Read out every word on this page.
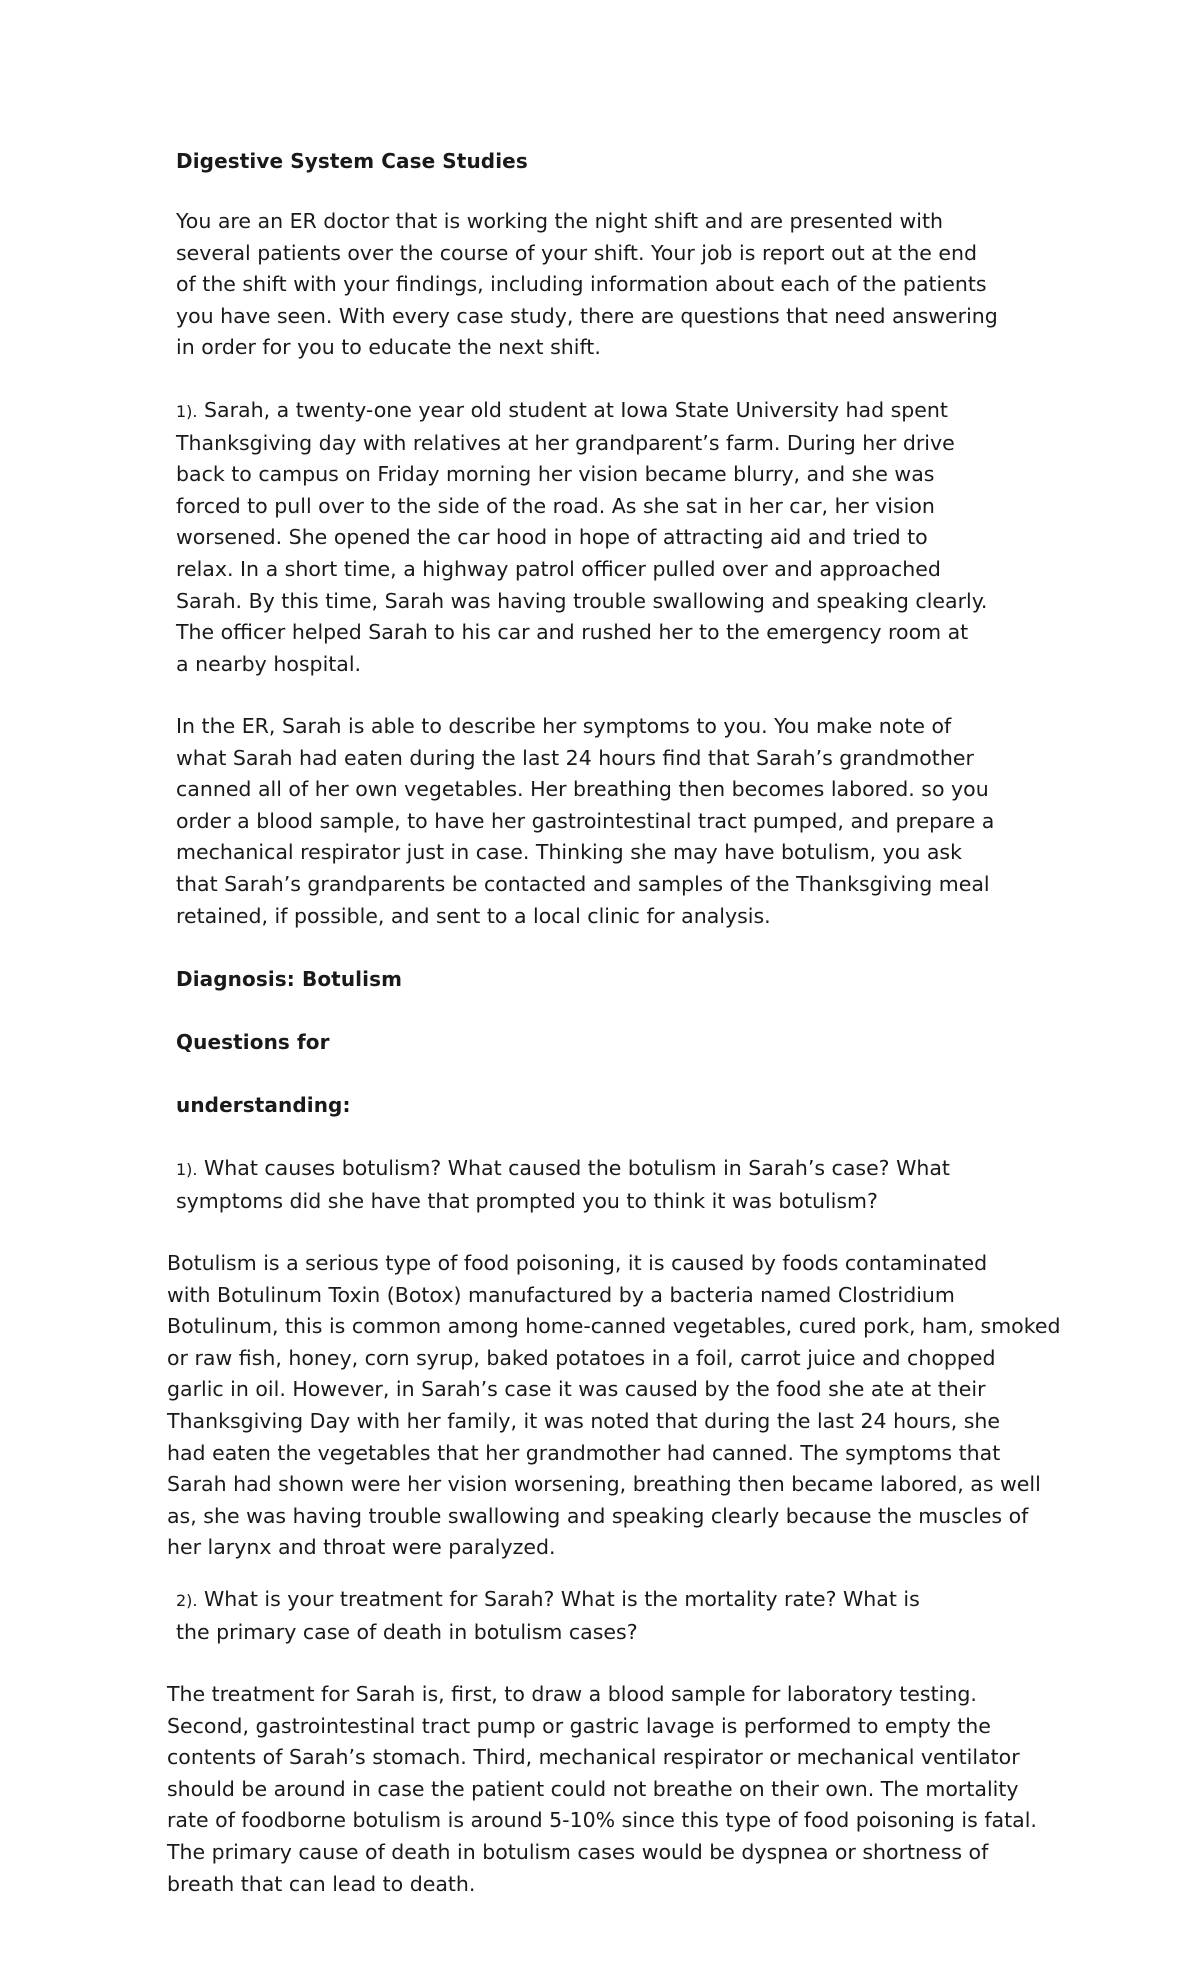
Digestive System Case Studies
You are an ER doctor that is working the night shift and are presented with
several patients over the course of your shift. Your job is report out at the end
of the shift with your findings, including information about each of the patients
you have seen. With every case study, there are questions that need answering
in order for you to educate the next shift.
1). Sarah, a twenty-one year old student at Iowa State University had spent
Thanksgiving day with relatives at her grandparent’s farm. During her drive
back to campus on Friday morning her vision became blurry, and she was
forced to pull over to the side of the road. As she sat in her car, her vision
worsened. She opened the car hood in hope of attracting aid and tried to
relax. In a short time, a highway patrol officer pulled over and approached
Sarah. By this time, Sarah was having trouble swallowing and speaking clearly.
The officer helped Sarah to his car and rushed her to the emergency room at
a nearby hospital.
In the ER, Sarah is able to describe her symptoms to you. You make note of
what Sarah had eaten during the last 24 hours find that Sarah’s grandmother
canned all of her own vegetables. Her breathing then becomes labored. so you
order a blood sample, to have her gastrointestinal tract pumped, and prepare a
mechanical respirator just in case. Thinking she may have botulism, you ask
that Sarah’s grandparents be contacted and samples of the Thanksgiving meal
retained, if possible, and sent to a local clinic for analysis.
Diagnosis: Botulism
Questions for
understanding:
1). What causes botulism? What caused the botulism in Sarah’s case? What
symptoms did she have that prompted you to think it was botulism?
Botulism is a serious type of food poisoning, it is caused by foods contaminated
with Botulinum Toxin (Botox) manufactured by a bacteria named Clostridium
Botulinum, this is common among home-canned vegetables, cured pork, ham, smoked
or raw fish, honey, corn syrup, baked potatoes in a foil, carrot juice and chopped
garlic in oil. However, in Sarah’s case it was caused by the food she ate at their
Thanksgiving Day with her family, it was noted that during the last 24 hours, she
had eaten the vegetables that her grandmother had canned. The symptoms that
Sarah had shown were her vision worsening, breathing then became labored, as well
as, she was having trouble swallowing and speaking clearly because the muscles of
her larynx and throat were paralyzed.
2). What is your treatment for Sarah? What is the mortality rate? What is
the primary case of death in botulism cases?
The treatment for Sarah is, first, to draw a blood sample for laboratory testing.
Second, gastrointestinal tract pump or gastric lavage is performed to empty the
contents of Sarah’s stomach. Third, mechanical respirator or mechanical ventilator
should be around in case the patient could not breathe on their own. The mortality
rate of foodborne botulism is around 5-10% since this type of food poisoning is fatal.
The primary cause of death in botulism cases would be dyspnea or shortness of
breath that can lead to death.
